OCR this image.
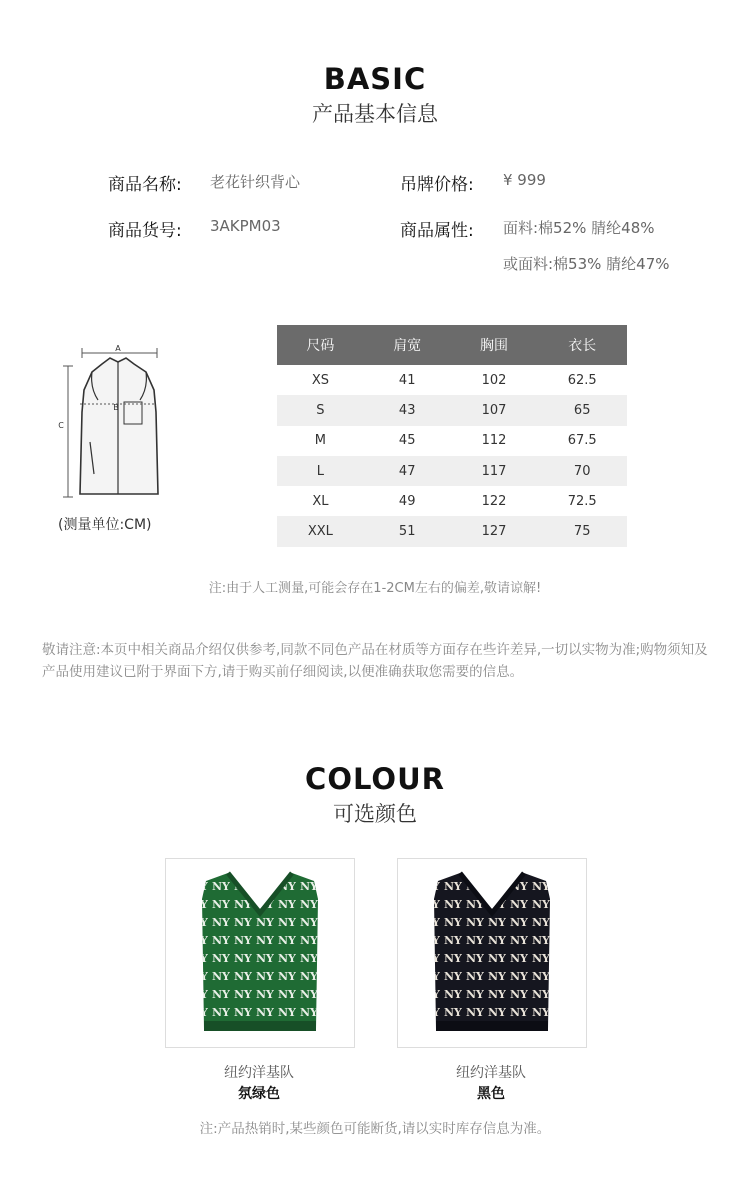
BASIC
产品基本信息
商品名称: 老花针织背心	吊牌价格: ¥ 999
商品货号: 3AKPM03	商品属性: 面料:棉52% 腈纶48%
或面料:棉53% 腈纶47%
A
C
B
(测量单位:CM)
尺码	肩宽	胸围	衣长
XS	41	102	62.5
S	43	107	65
M	45	112	67.5
L	47	117	70
XL	49	122	72.5
XXL	51	127	75
注:由于人工测量,可能会存在1-2CM左右的偏差,敬请谅解!
敬请注意:本页中相关商品介绍仅供参考,同款不同色产品在材质等方面存在些许差异,一切以实物为准;购物须知及产品使用建议已附于界面下方,请于购买前仔细阅读,以便准确获取您需要的信息。
COLOUR
可选颜色
纽约洋基队
氛绿色
纽约洋基队
黑色
注:产品热销时,某些颜色可能断货,请以实时库存信息为准。
